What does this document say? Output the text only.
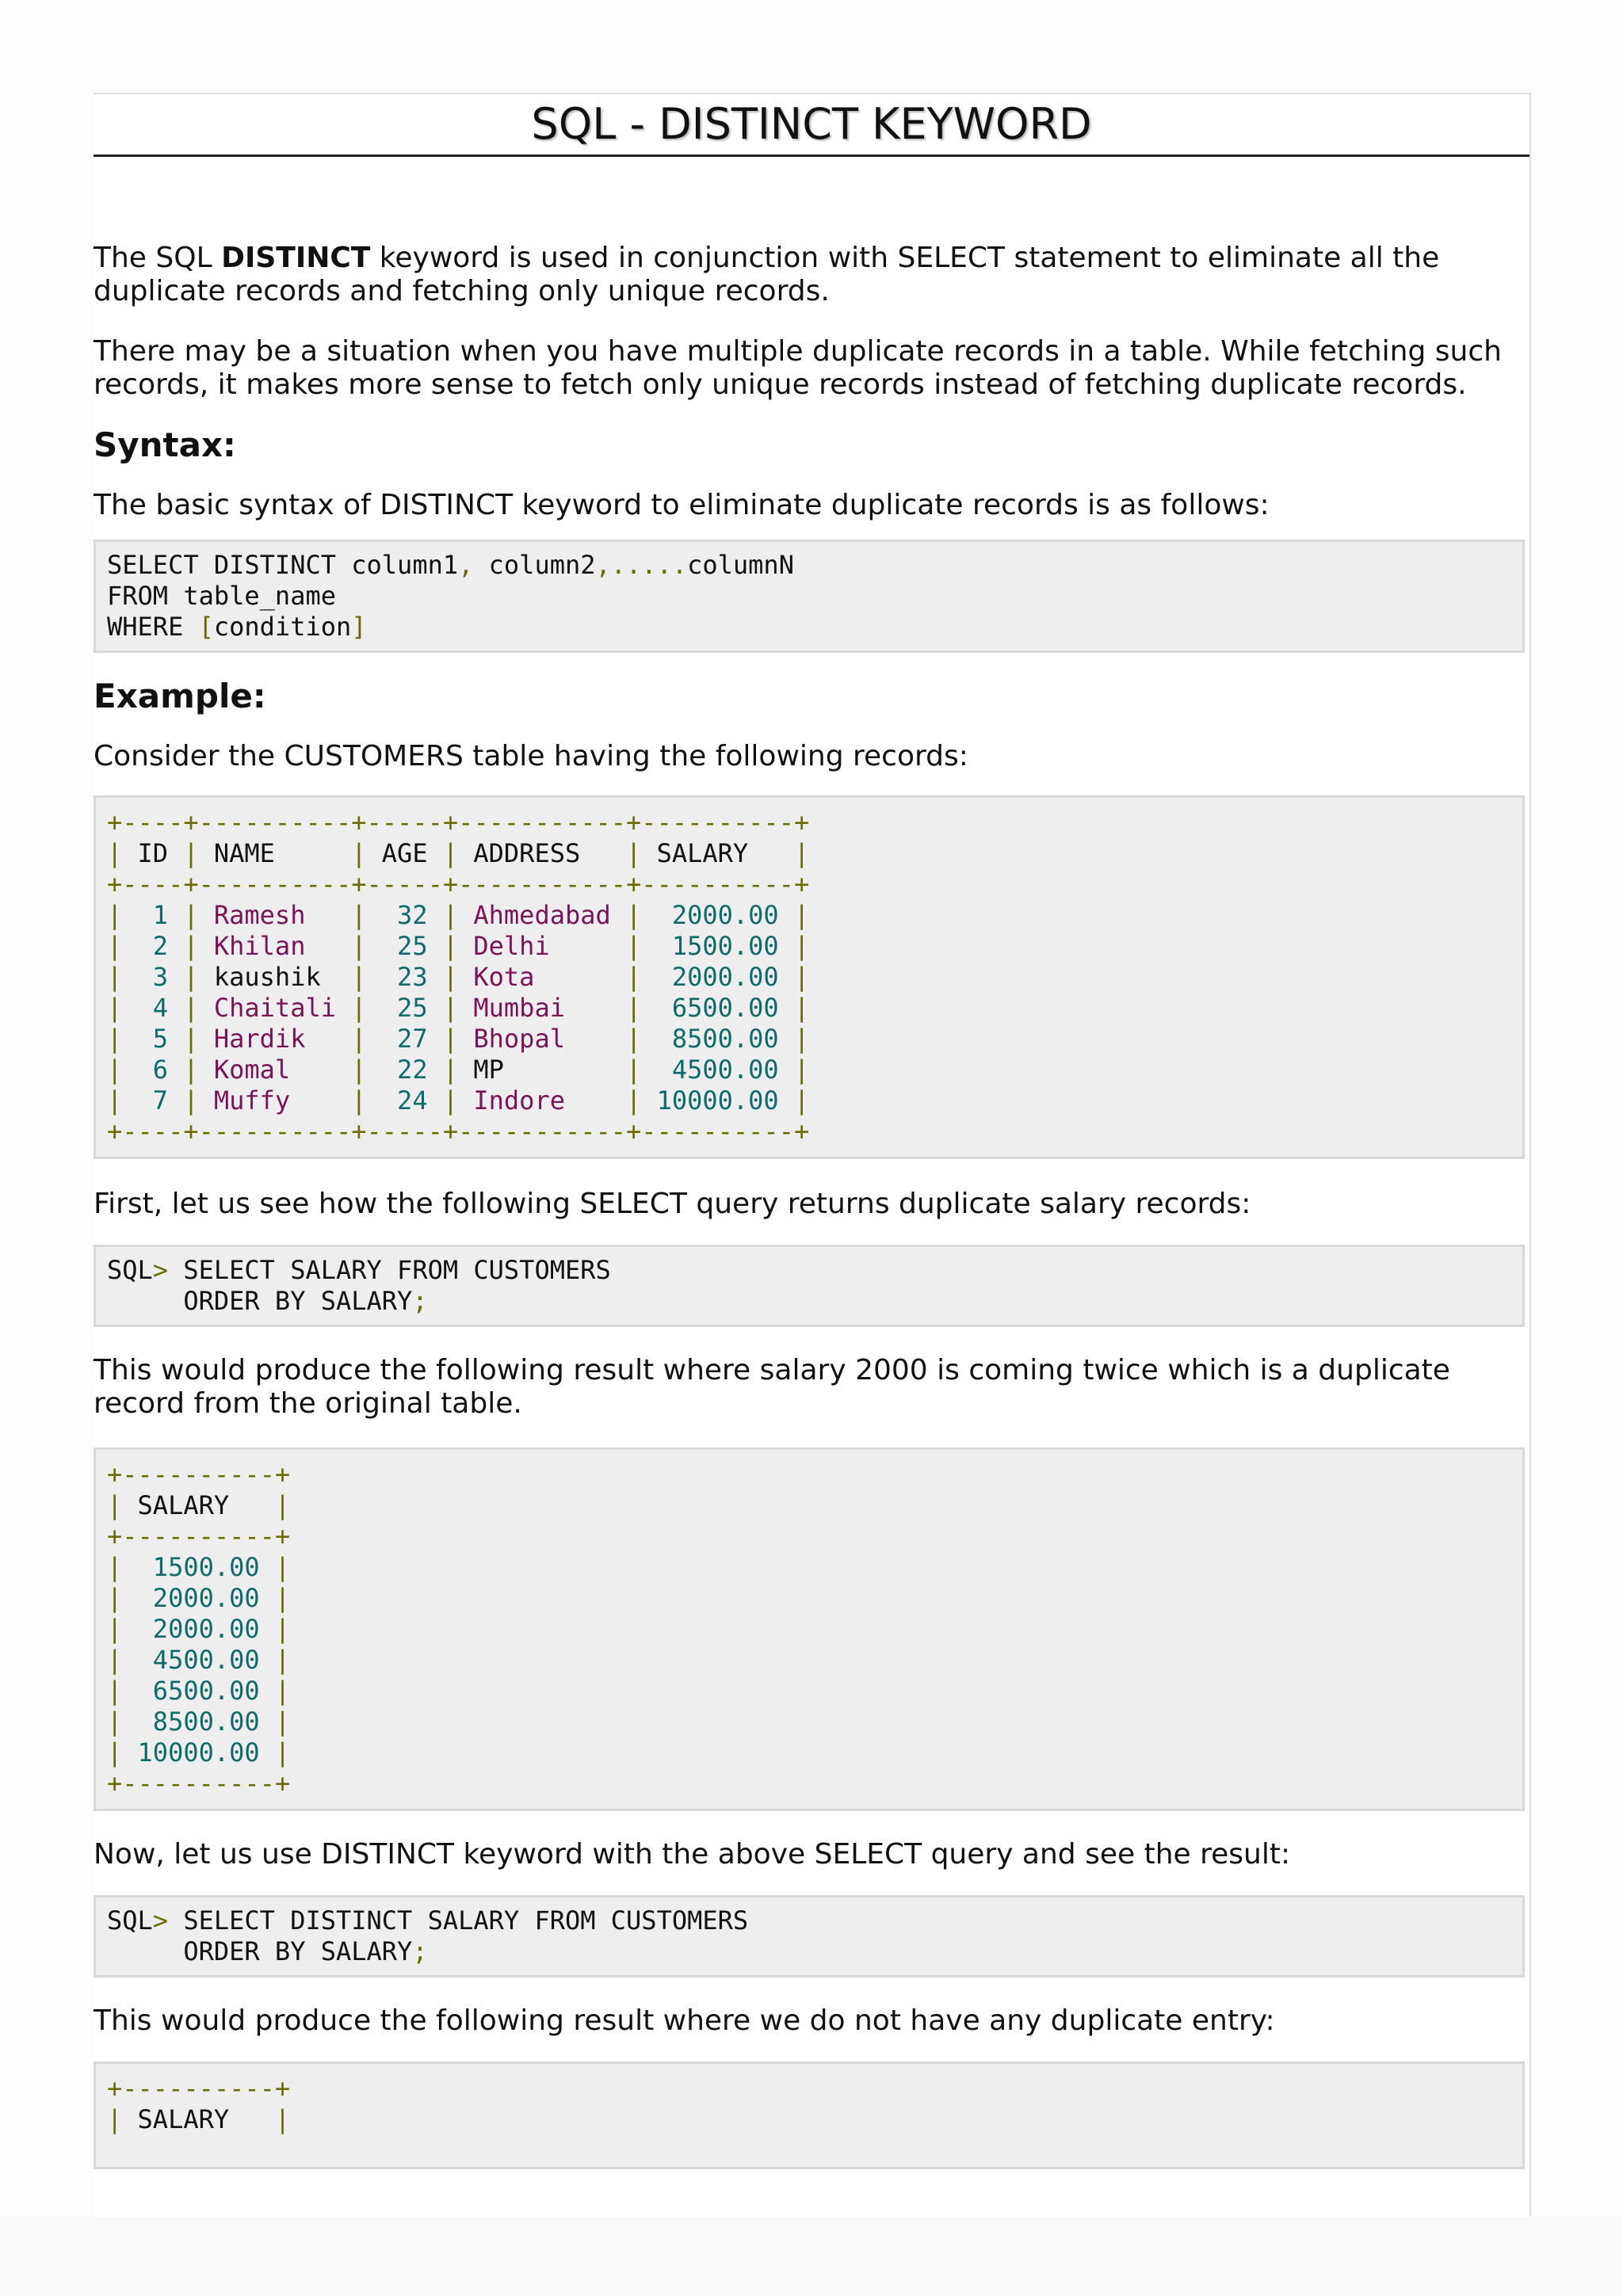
SQL - DISTINCT KEYWORD

The SQL DISTINCT keyword is used in conjunction with SELECT statement to eliminate all the duplicate records and fetching only unique records.

There may be a situation when you have multiple duplicate records in a table. While fetching such records, it makes more sense to fetch only unique records instead of fetching duplicate records.

Syntax:

The basic syntax of DISTINCT keyword to eliminate duplicate records is as follows:

SELECT DISTINCT column1, column2,.....columnN
FROM table_name
WHERE [condition]
Example:

Consider the CUSTOMERS table having the following records:

+----+----------+-----+-----------+----------+
| ID | NAME     | AGE | ADDRESS   | SALARY   |
+----+----------+-----+-----------+----------+
|  1 | Ramesh   |  32 | Ahmedabad |  2000.00 |
|  2 | Khilan   |  25 | Delhi     |  1500.00 |
|  3 | kaushik  |  23 | Kota      |  2000.00 |
|  4 | Chaitali |  25 | Mumbai    |  6500.00 |
|  5 | Hardik   |  27 | Bhopal    |  8500.00 |
|  6 | Komal    |  22 | MP        |  4500.00 |
|  7 | Muffy    |  24 | Indore    | 10000.00 |
+----+----------+-----+-----------+----------+

First, let us see how the following SELECT query returns duplicate salary records:

SQL> SELECT SALARY FROM CUSTOMERS
ORDER BY SALARY;

This would produce the following result where salary 2000 is coming twice which is a duplicate record from the original table.

+----------+
| SALARY   |
+----------+
|  1500.00 |
|  2000.00 |
|  2000.00 |
|  4500.00 |
|  6500.00 |
|  8500.00 |
| 10000.00 |
+----------+

Now, let us use DISTINCT keyword with the above SELECT query and see the result:

SQL> SELECT DISTINCT SALARY FROM CUSTOMERS
ORDER BY SALARY;

This would produce the following result where we do not have any duplicate entry:

+----------+
| SALARY   |
